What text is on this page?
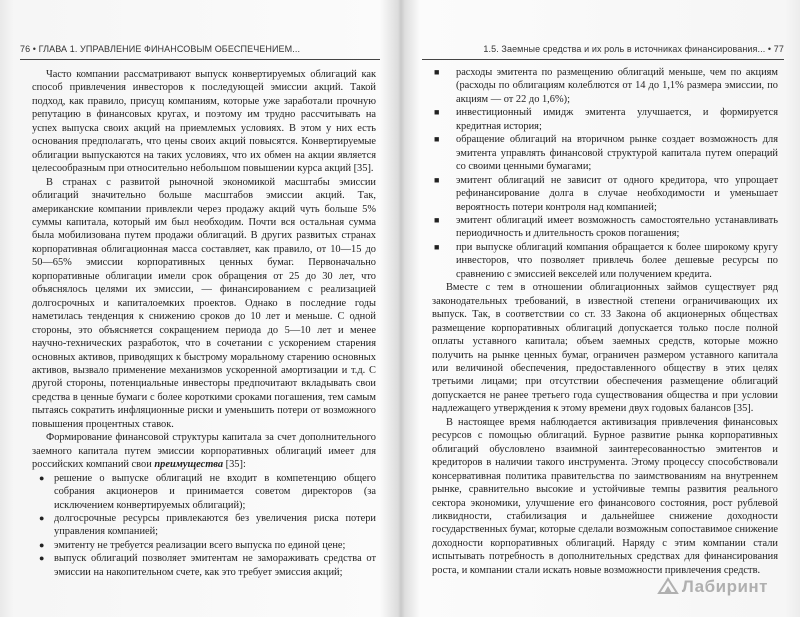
76 • ГЛАВА 1. УПРАВЛЕНИЕ ФИНАНСОВЫМ ОБЕСПЕЧЕНИЕМ...

Часто компании рассматривают выпуск конвертируемых облигаций как способ привлечения инвесторов к последующей эмиссии акций. Такой подход, как правило, присущ компаниям, которые уже заработали прочную репутацию в финансовых кругах, и поэтому им трудно рассчитывать на успех выпуска своих акций на приемлемых условиях. В этом у них есть основания предполагать, что цены своих акций повысятся. Конвертируемые облигации выпускаются на таких условиях, что их обмен на акции является целесообразным при относительно небольшом повышении курса акций [35].

В странах с развитой рыночной экономикой масштабы эмиссии облигаций значительно больше масштабов эмиссии акций. Так, американские компании привлекли через продажу акций чуть больше 5% суммы капитала, который им был необходим. Почти вся остальная сумма была мобилизована путем продажи облигаций. В других развитых странах корпоративная облигационная масса составляет, как правило, от 10—15 до 50—65% эмиссии корпоративных ценных бумаг. Первоначально корпоративные облигации имели срок обращения от 25 до 30 лет, что объяснялось целями их эмиссии, — финансированием с реализацией долгосрочных и капиталоемких проектов. Однако в последние годы наметилась тенденция к снижению сроков до 10 лет и меньше. С одной стороны, это объясняется сокращением периода до 5—10 лет и менее научно-технических разработок, что в сочетании с ускорением старения основных активов, приводящих к быстрому моральному старению основных активов, вызвало применение механизмов ускоренной амортизации и т.д. С другой стороны, потенциальные инвесторы предпочитают вкладывать свои средства в ценные бумаги с более короткими сроками погашения, тем самым пытаясь сократить инфляционные риски и уменьшить потери от возможного повышения процентных ставок.

Формирование финансовой структуры капитала за счет дополнительного заемного капитала путем эмиссии корпоративных облигаций имеет для российских компаний свои преимущества [35]:

● решение о выпуске облигаций не входит в компетенцию общего собрания акционеров и принимается советом директоров (за исключением конвертируемых облигаций);
● долгосрочные ресурсы привлекаются без увеличения риска потери управления компанией;
● эмитенту не требуется реализации всего выпуска по единой цене;
● выпуск облигаций позволяет эмитентам не замораживать средства от эмиссии на накопительном счете, как это требует эмиссия акций;
1.5. Заемные средства и их роль в источниках финансирования... • 77
■ расходы эмитента по размещению облигаций меньше, чем по акциям (расходы по облигациям колеблются от 14 до 1,1% размера эмиссии, по акциям — от 22 до 1,6%);
■ инвестиционный имидж эмитента улучшается, и формируется кредитная история;
■ обращение облигаций на вторичном рынке создает возможность для эмитента управлять финансовой структурой капитала путем операций со своими ценными бумагами;
■ эмитент облигаций не зависит от одного кредитора, что упрощает рефинансирование долга в случае необходимости и уменьшает вероятность потери контроля над компанией;
■ эмитент облигаций имеет возможность самостоятельно устанавливать периодичность и длительность сроков погашения;
■ при выпуске облигаций компания обращается к более широкому кругу инвесторов, что позволяет привлечь более дешевые ресурсы по сравнению с эмиссией векселей или получением кредита.

Вместе с тем в отношении облигационных займов существует ряд законодательных требований, в известной степени ограничивающих их выпуск. Так, в соответствии со ст. 33 Закона об акционерных обществах размещение корпоративных облигаций допускается только после полной оплаты уставного капитала; объем заемных средств, которые можно получить на рынке ценных бумаг, ограничен размером уставного капитала или величиной обеспечения, предоставленного обществу в этих целях третьими лицами; при отсутствии обеспечения размещение облигаций допускается не ранее третьего года существования общества и при условии надлежащего утверждения к этому времени двух годовых балансов [35].

В настоящее время наблюдается активизация привлечения финансовых ресурсов с помощью облигаций. Бурное развитие рынка корпоративных облигаций обусловлено взаимной заинтересованностью эмитентов и кредиторов в наличии такого инструмента. Этому процессу способствовали консервативная политика правительства по заимствованиям на внутреннем рынке, сравнительно высокие и устойчивые темпы развития реального сектора экономики, улучшение его финансового состояния, рост рублевой ликвидности, стабилизация и дальнейшее снижение доходности государственных бумаг, которые сделали возможным сопоставимое снижение доходности корпоративных облигаций. Наряду с этим компании стали испытывать потребность в дополнительных средствах для финансирования роста, и компании стали искать новые возможности привлечения средств.

Лабиринт
